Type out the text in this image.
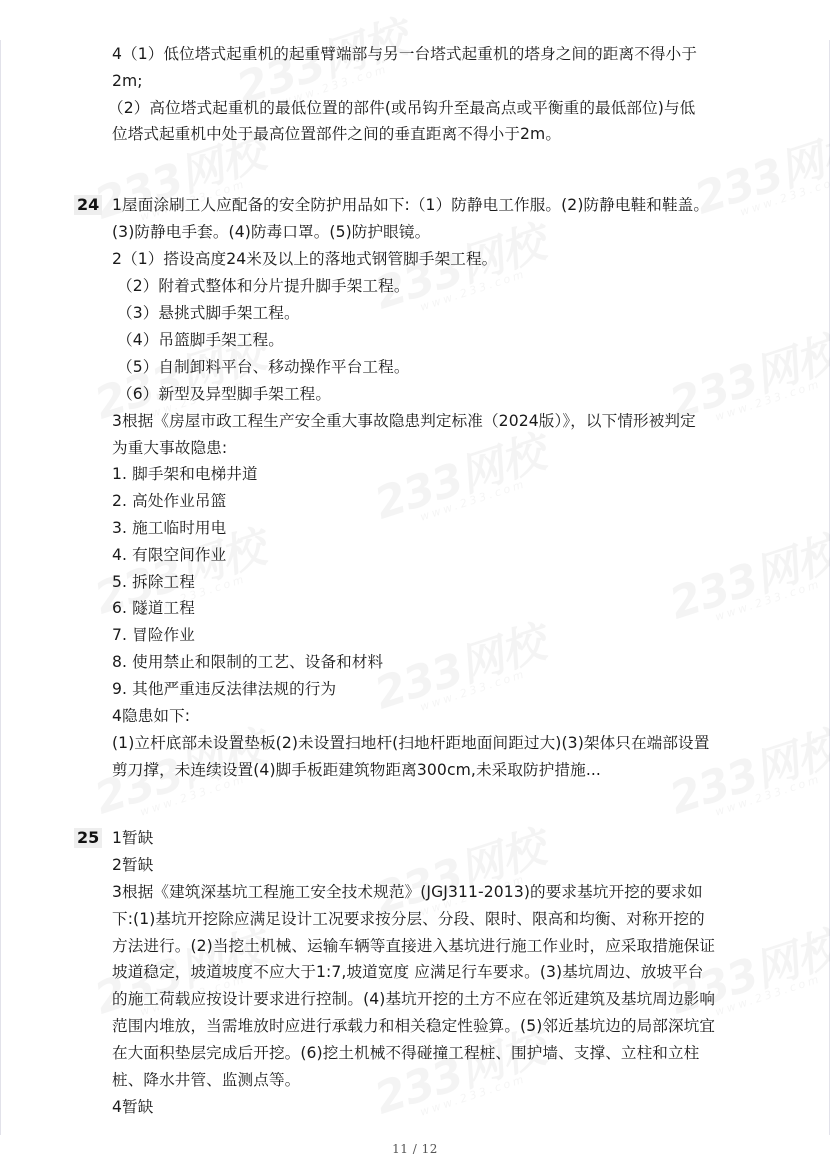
4（1）低位塔式起重机的起重臂端部与另一台塔式起重机的塔身之间的距离不得小于
2m;
（2）高位塔式起重机的最低位置的部件(或吊钩升至最高点或平衡重的最低部位)与低
位塔式起重机中处于最高位置部件之间的垂直距离不得小于2m。
24 1屋面涂刷工人应配备的安全防护用品如下:（1）防静电工作服。(2)防静电鞋和鞋盖。
(3)防静电手套。(4)防毒口罩。(5)防护眼镜。
2（1）搭设高度24米及以上的落地式钢管脚手架工程。
（2）附着式整体和分片提升脚手架工程。
（3）悬挑式脚手架工程。
（4）吊篮脚手架工程。
（5）自制卸料平台、移动操作平台工程。
（6）新型及异型脚手架工程。
3根据《房屋市政工程生产安全重大事故隐患判定标准（2024版）》，以下情形被判定
为重大事故隐患:
1. 脚手架和电梯井道
2. 高处作业吊篮
3. 施工临时用电
4. 有限空间作业
5. 拆除工程
6. 隧道工程
7. 冒险作业
8. 使用禁止和限制的工艺、设备和材料
9. 其他严重违反法律法规的行为
4隐患如下:
(1)立杆底部未设置垫板(2)未设置扫地杆(扫地杆距地面间距过大)(3)架体只在端部设置
剪刀撑，未连续设置(4)脚手板距建筑物距离300cm,未采取防护措施...
25 1暂缺
2暂缺
3根据《建筑深基坑工程施工安全技术规范》(JGJ311-2013)的要求基坑开挖的要求如
下:(1)基坑开挖除应满足设计工况要求按分层、分段、限时、限高和均衡、对称开挖的
方法进行。(2)当挖土机械、运输车辆等直接进入基坑进行施工作业时，应采取措施保证
坡道稳定，坡道坡度不应大于1:7,坡道宽度 应满足行车要求。(3)基坑周边、放坡平台
的施工荷载应按设计要求进行控制。(4)基坑开挖的土方不应在邻近建筑及基坑周边影响
范围内堆放，当需堆放时应进行承载力和相关稳定性验算。(5)邻近基坑边的局部深坑宜
在大面积垫层完成后开挖。(6)挖土机械不得碰撞工程桩、围护墙、支撑、立柱和立柱
桩、降水井管、监测点等。
4暂缺
11 / 12
